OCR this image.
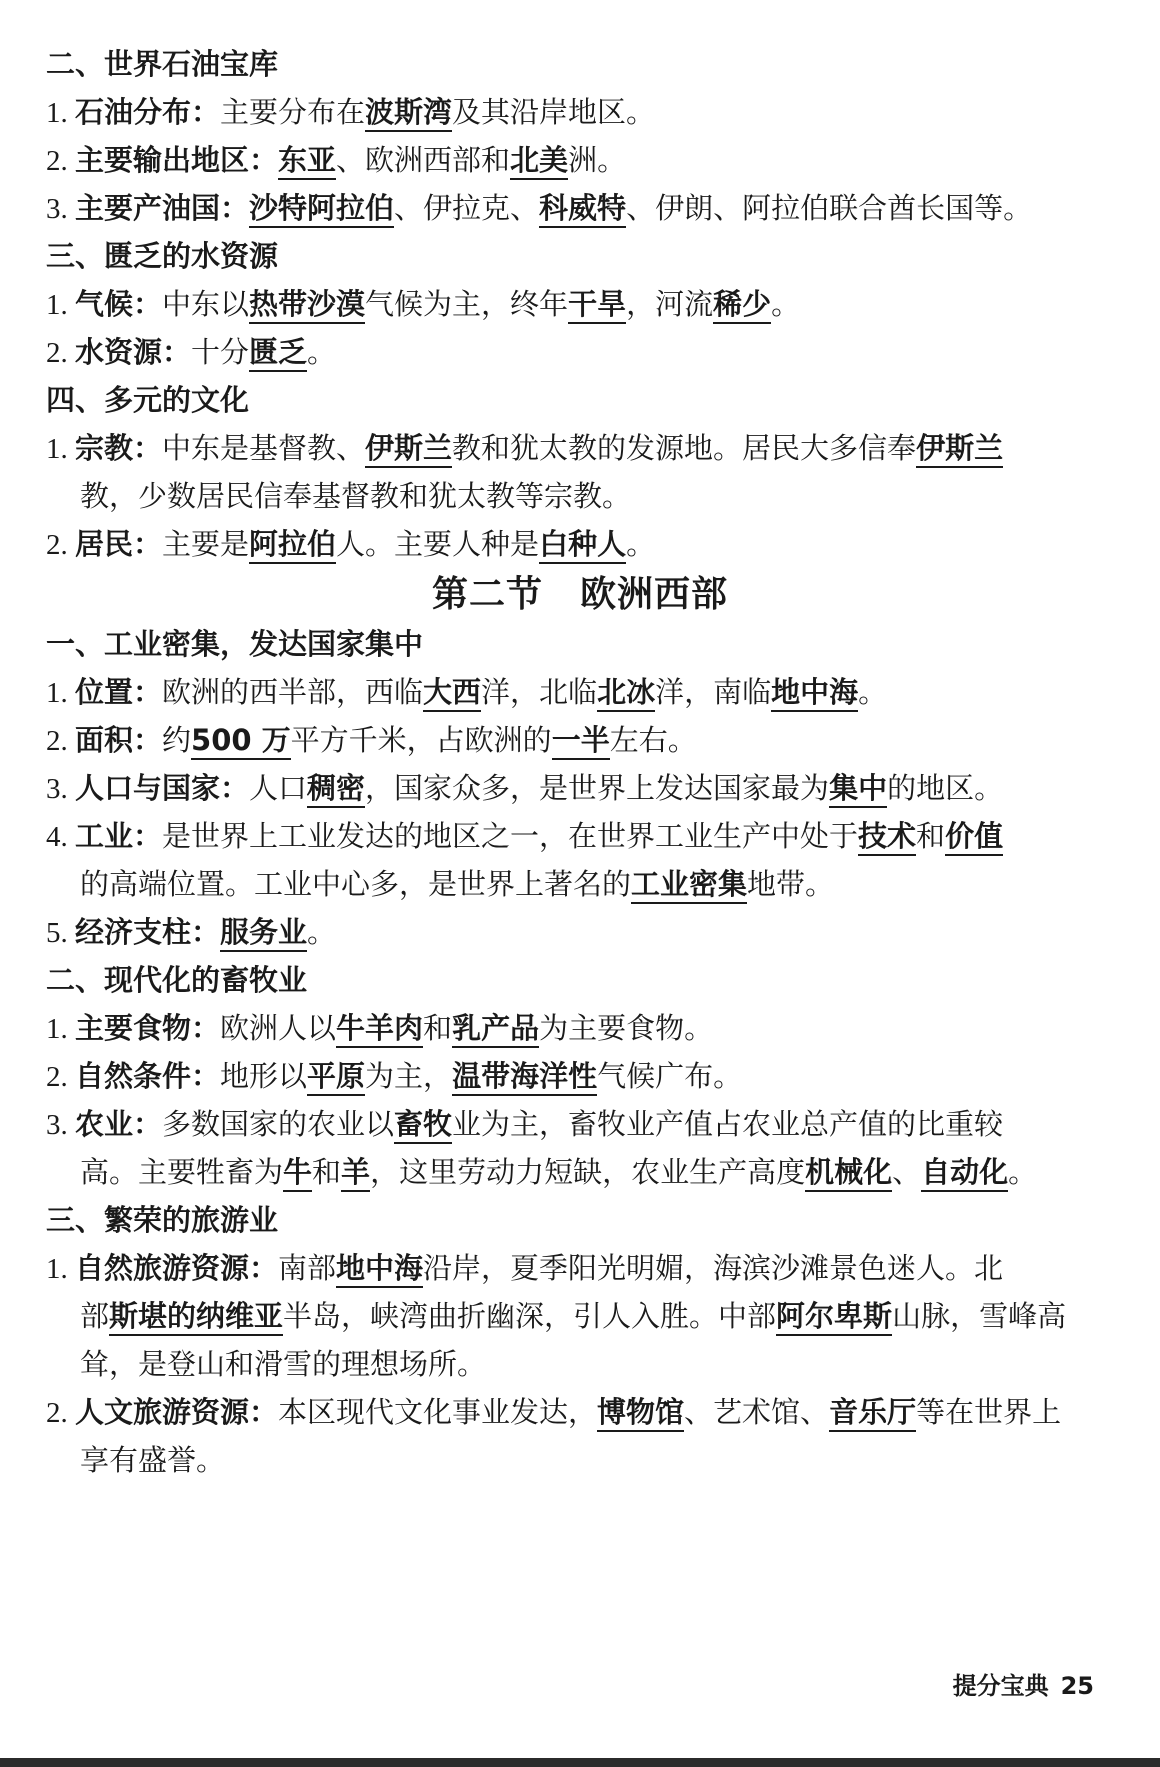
二、世界石油宝库
1. 石油分布：主要分布在波斯湾及其沿岸地区。
2. 主要输出地区：东亚、欧洲西部和北美洲。
3. 主要产油国：沙特阿拉伯、伊拉克、科威特、伊朗、阿拉伯联合酋长国等。
三、匮乏的水资源
1. 气候：中东以热带沙漠气候为主，终年干旱，河流稀少。
2. 水资源：十分匮乏。
四、多元的文化
1. 宗教：中东是基督教、伊斯兰教和犹太教的发源地。居民大多信奉伊斯兰
教，少数居民信奉基督教和犹太教等宗教。
2. 居民：主要是阿拉伯人。主要人种是白种人。
第二节　欧洲西部
一、工业密集，发达国家集中
1. 位置：欧洲的西半部，西临大西洋，北临北冰洋，南临地中海。
2. 面积：约500 万平方千米，占欧洲的一半左右。
3. 人口与国家：人口稠密，国家众多，是世界上发达国家最为集中的地区。
4. 工业：是世界上工业发达的地区之一，在世界工业生产中处于技术和价值
的高端位置。工业中心多，是世界上著名的工业密集地带。
5. 经济支柱：服务业。
二、现代化的畜牧业
1. 主要食物：欧洲人以牛羊肉和乳产品为主要食物。
2. 自然条件：地形以平原为主，温带海洋性气候广布。
3. 农业：多数国家的农业以畜牧业为主，畜牧业产值占农业总产值的比重较
高。主要牲畜为牛和羊，这里劳动力短缺，农业生产高度机械化、自动化。
三、繁荣的旅游业
1. 自然旅游资源：南部地中海沿岸，夏季阳光明媚，海滨沙滩景色迷人。北
部斯堪的纳维亚半岛，峡湾曲折幽深，引人入胜。中部阿尔卑斯山脉，雪峰高
耸，是登山和滑雪的理想场所。
2. 人文旅游资源：本区现代文化事业发达，博物馆、艺术馆、音乐厅等在世界上
享有盛誉。
提分宝典 25
